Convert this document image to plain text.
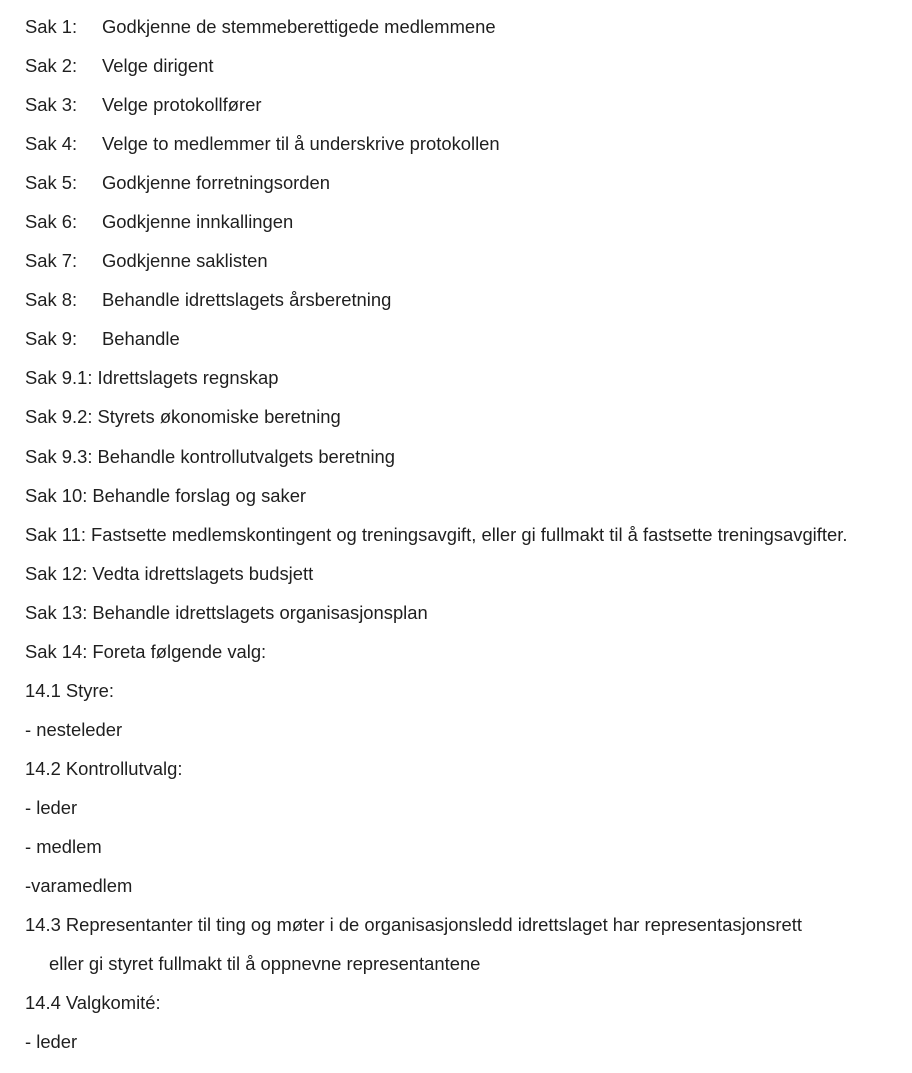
Sak 1:	Godkjenne de stemmeberettigede medlemmene
Sak 2:	Velge dirigent
Sak 3:	Velge protokollfører
Sak 4:	Velge to medlemmer til å underskrive protokollen
Sak 5:	Godkjenne forretningsorden
Sak 6:	Godkjenne innkallingen
Sak 7:	Godkjenne saklisten
Sak 8:	Behandle idrettslagets årsberetning
Sak 9:	Behandle
Sak 9.1: Idrettslagets regnskap
Sak 9.2: Styrets økonomiske beretning
Sak 9.3: Behandle kontrollutvalgets beretning
Sak 10: Behandle forslag og saker
Sak 11: Fastsette medlemskontingent og treningsavgift, eller gi fullmakt til å fastsette treningsavgifter.
Sak 12: Vedta idrettslagets budsjett
Sak 13: Behandle idrettslagets organisasjonsplan
Sak 14: Foreta følgende valg:
14.1 Styre:
- nesteleder
14.2 Kontrollutvalg:
- leder
- medlem
-varamedlem
14.3 Representanter til ting og møter i de organisasjonsledd idrettslaget har representasjonsrett
eller gi styret fullmakt til å oppnevne representantene
14.4 Valgkomité:
- leder
